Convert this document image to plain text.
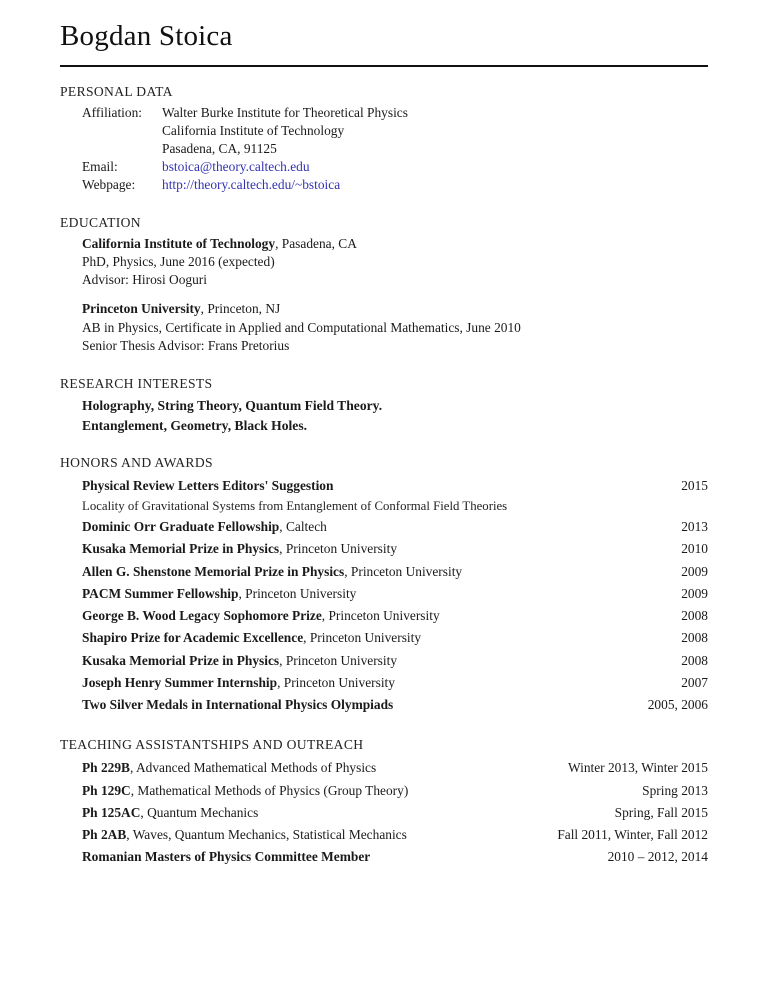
Bogdan Stoica
PERSONAL DATA
Affiliation:	Walter Burke Institute for Theoretical Physics
California Institute of Technology
Pasadena, CA, 91125
Email:	bstoica@theory.caltech.edu
Webpage:	http://theory.caltech.edu/~bstoica
EDUCATION
California Institute of Technology, Pasadena, CA
PhD, Physics, June 2016 (expected)
Advisor: Hirosi Ooguri
Princeton University, Princeton, NJ
AB in Physics, Certificate in Applied and Computational Mathematics, June 2010
Senior Thesis Advisor: Frans Pretorius
RESEARCH INTERESTS
Holography, String Theory, Quantum Field Theory.
Entanglement, Geometry, Black Holes.
HONORS AND AWARDS
Physical Review Letters Editors' Suggestion	2015
Locality of Gravitational Systems from Entanglement of Conformal Field Theories
Dominic Orr Graduate Fellowship, Caltech	2013
Kusaka Memorial Prize in Physics, Princeton University	2010
Allen G. Shenstone Memorial Prize in Physics, Princeton University	2009
PACM Summer Fellowship, Princeton University	2009
George B. Wood Legacy Sophomore Prize, Princeton University	2008
Shapiro Prize for Academic Excellence, Princeton University	2008
Kusaka Memorial Prize in Physics, Princeton University	2008
Joseph Henry Summer Internship, Princeton University	2007
Two Silver Medals in International Physics Olympiads	2005, 2006
TEACHING ASSISTANTSHIPS AND OUTREACH
Ph 229B, Advanced Mathematical Methods of Physics	Winter 2013, Winter 2015
Ph 129C, Mathematical Methods of Physics (Group Theory)	Spring 2013
Ph 125AC, Quantum Mechanics	Spring, Fall 2015
Ph 2AB, Waves, Quantum Mechanics, Statistical Mechanics	Fall 2011, Winter, Fall 2012
Romanian Masters of Physics Committee Member	2010 – 2012, 2014
